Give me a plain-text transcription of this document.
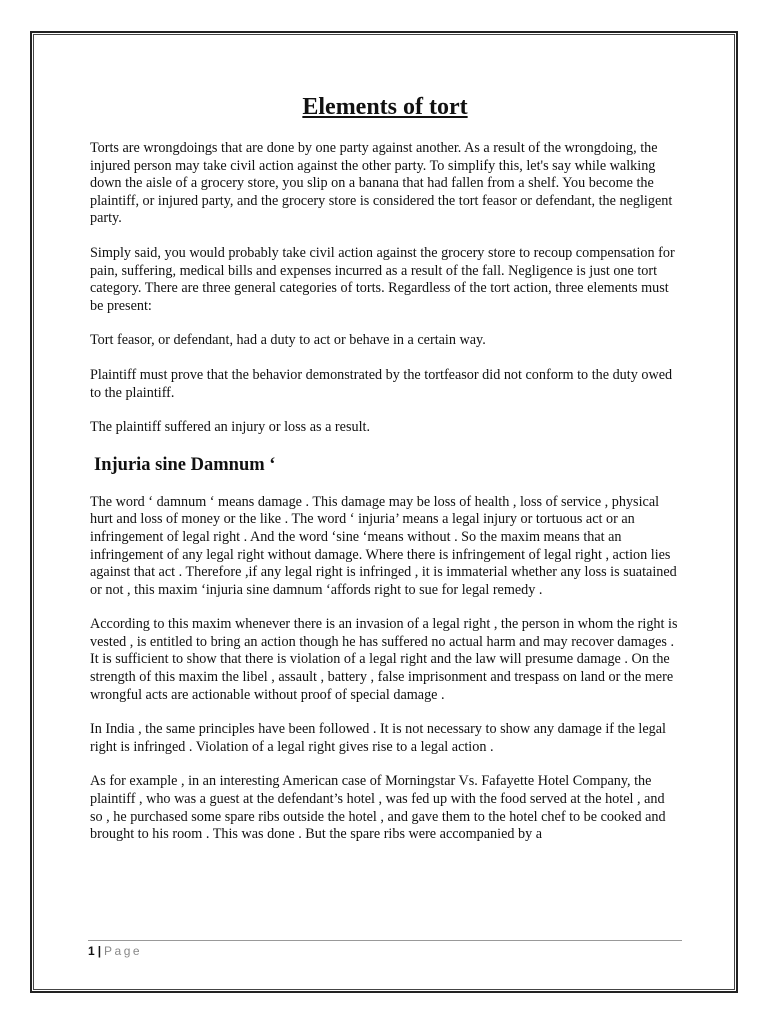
Elements of tort

Torts are wrongdoings that are done by one party against another. As a result of the wrongdoing, the injured person may take civil action against the other party. To simplify this, let's say while walking down the aisle of a grocery store, you slip on a banana that had fallen from a shelf. You become the plaintiff, or injured party, and the grocery store is considered the tort feasor or defendant, the negligent party.

Simply said, you would probably take civil action against the grocery store to recoup compensation for pain, suffering, medical bills and expenses incurred as a result of the fall. Negligence is just one tort category. There are three general categories of torts. Regardless of the tort action, three elements must be present:

Tort feasor, or defendant, had a duty to act or behave in a certain way.

Plaintiff must prove that the behavior demonstrated by the tortfeasor did not conform to the duty owed to the plaintiff.

The plaintiff suffered an injury or loss as a result.

Injuria sine Damnum ‘

The word ‘ damnum ‘ means damage . This damage may be loss of health , loss of service , physical hurt and loss of money or the like . The word ‘ injuria’ means a legal injury or tortuous act or an infringement of legal right . And the word ‘sine ‘means without . So the maxim means that an infringement of any legal right without damage. Where there is infringement of legal right , action lies against that act . Therefore ,if any legal right is infringed , it is immaterial whether any loss is suatained or not , this maxim ‘injuria sine damnum ‘affords right to sue for legal remedy .

According to this maxim whenever there is an invasion of a legal right , the person in whom the right is vested , is entitled to bring an action though he has suffered no actual harm and may recover damages . It is sufficient to show that there is violation of a legal right and the law will presume damage . On the strength of this maxim the libel , assault , battery , false imprisonment and trespass on land or the mere wrongful acts are actionable without proof of special damage .

In India , the same principles have been followed . It is not necessary to show any damage if the legal right is infringed . Violation of a legal right gives rise to a legal action .

As for example , in an interesting American case of Morningstar Vs. Fafayette Hotel Company, the plaintiff , who was a guest at the defendant’s hotel , was fed up with the food served at the hotel , and so , he purchased some spare ribs outside the hotel , and gave them to the hotel chef to be cooked and brought to his room . This was done . But the spare ribs were accompanied by a

1 | Page
